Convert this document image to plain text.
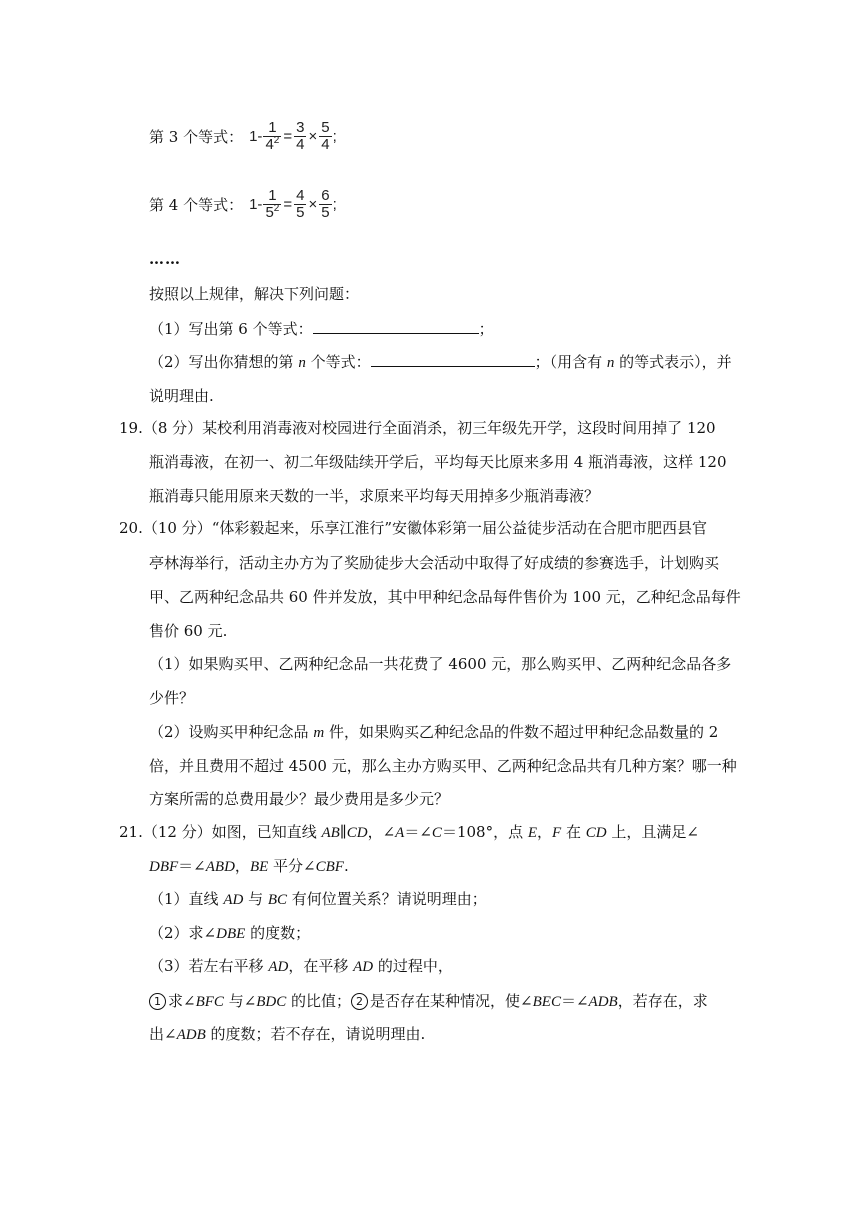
第 3 个等式： $1- \frac{1}{4^2} = \frac{3}{4} \times \frac{5}{4}$ ;
第 4 个等式： $1- \frac{1}{5^2} = \frac{4}{5} \times \frac{6}{5}$ ;
……
按照以上规律，解决下列问题：
（1）写出第 6 个等式：	；
（2）写出你猜想的第 n 个等式：	；（用含有 n 的等式表示），并
说明理由.
19.（8 分）某校利用消毒液对校园进行全面消杀，初三年级先开学，这段时间用掉了 120
瓶消毒液，在初一、初二年级陆续开学后，平均每天比原来多用 4 瓶消毒液，这样 120
瓶消毒只能用原来天数的一半，求原来平均每天用掉多少瓶消毒液？
20.（10 分）“体彩毅起来，乐享江淮行”安徽体彩第一届公益徒步活动在合肥市肥西县官
亭林海举行，活动主办方为了奖励徒步大会活动中取得了好成绩的参赛选手，计划购买
甲、乙两种纪念品共 60 件并发放，其中甲种纪念品每件售价为 100 元，乙种纪念品每件
售价 60 元.
（1）如果购买甲、乙两种纪念品一共花费了 4600 元，那么购买甲、乙两种纪念品各多
少件？
（2）设购买甲种纪念品 m 件，如果购买乙种纪念品的件数不超过甲种纪念品数量的 2
倍，并且费用不超过 4500 元，那么主办方购买甲、乙两种纪念品共有几种方案？哪一种
方案所需的总费用最少？最少费用是多少元？
21.（12 分）如图，已知直线 AB∥CD，∠A＝∠C＝108°，点 E，F 在 CD 上，且满足∠
DBF＝∠ABD，BE 平分∠CBF.
（1）直线 AD 与 BC 有何位置关系？请说明理由；
（2）求∠DBE 的度数；
（3）若左右平移 AD，在平移 AD 的过程中，
1 求∠BFC 与∠BDC 的比值； 2 是否存在某种情况，使∠BEC＝∠ADB，若存在，求
出∠ADB 的度数；若不存在，请说明理由.
